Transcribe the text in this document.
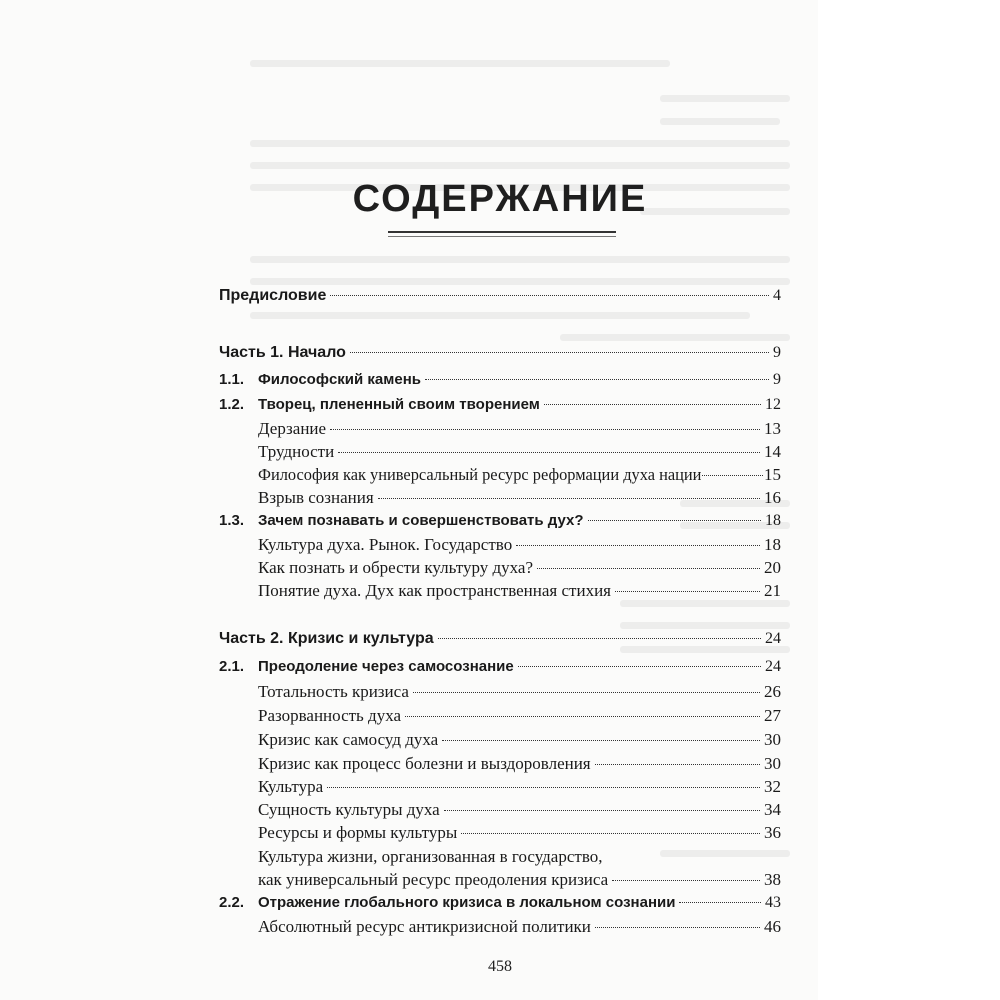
СОДЕРЖАНИЕ
Предисловие	4
Часть 1. Начало	9
1.1. Философский камень	9
1.2. Творец, плененный своим творением	12
Дерзание	13
Трудности	14
Философия как универсальный ресурс реформации духа нации	15
Взрыв сознания	16
1.3. Зачем познавать и совершенствовать дух?	18
Культура духа. Рынок. Государство	18
Как познать и обрести культуру духа?	20
Понятие духа. Дух как пространственная стихия	21
Часть 2. Кризис и культура	24
2.1. Преодоление через самосознание	24
Тотальность кризиса	26
Разорванность духа	27
Кризис как самосуд духа	30
Кризис как процесс болезни и выздоровления	30
Культура	32
Сущность культуры духа	34
Ресурсы и формы культуры	36
Культура жизни, организованная в государство,
как универсальный ресурс преодоления кризиса	38
2.2. Отражение глобального кризиса в локальном сознании	43
Абсолютный ресурс антикризисной политики	46
458
